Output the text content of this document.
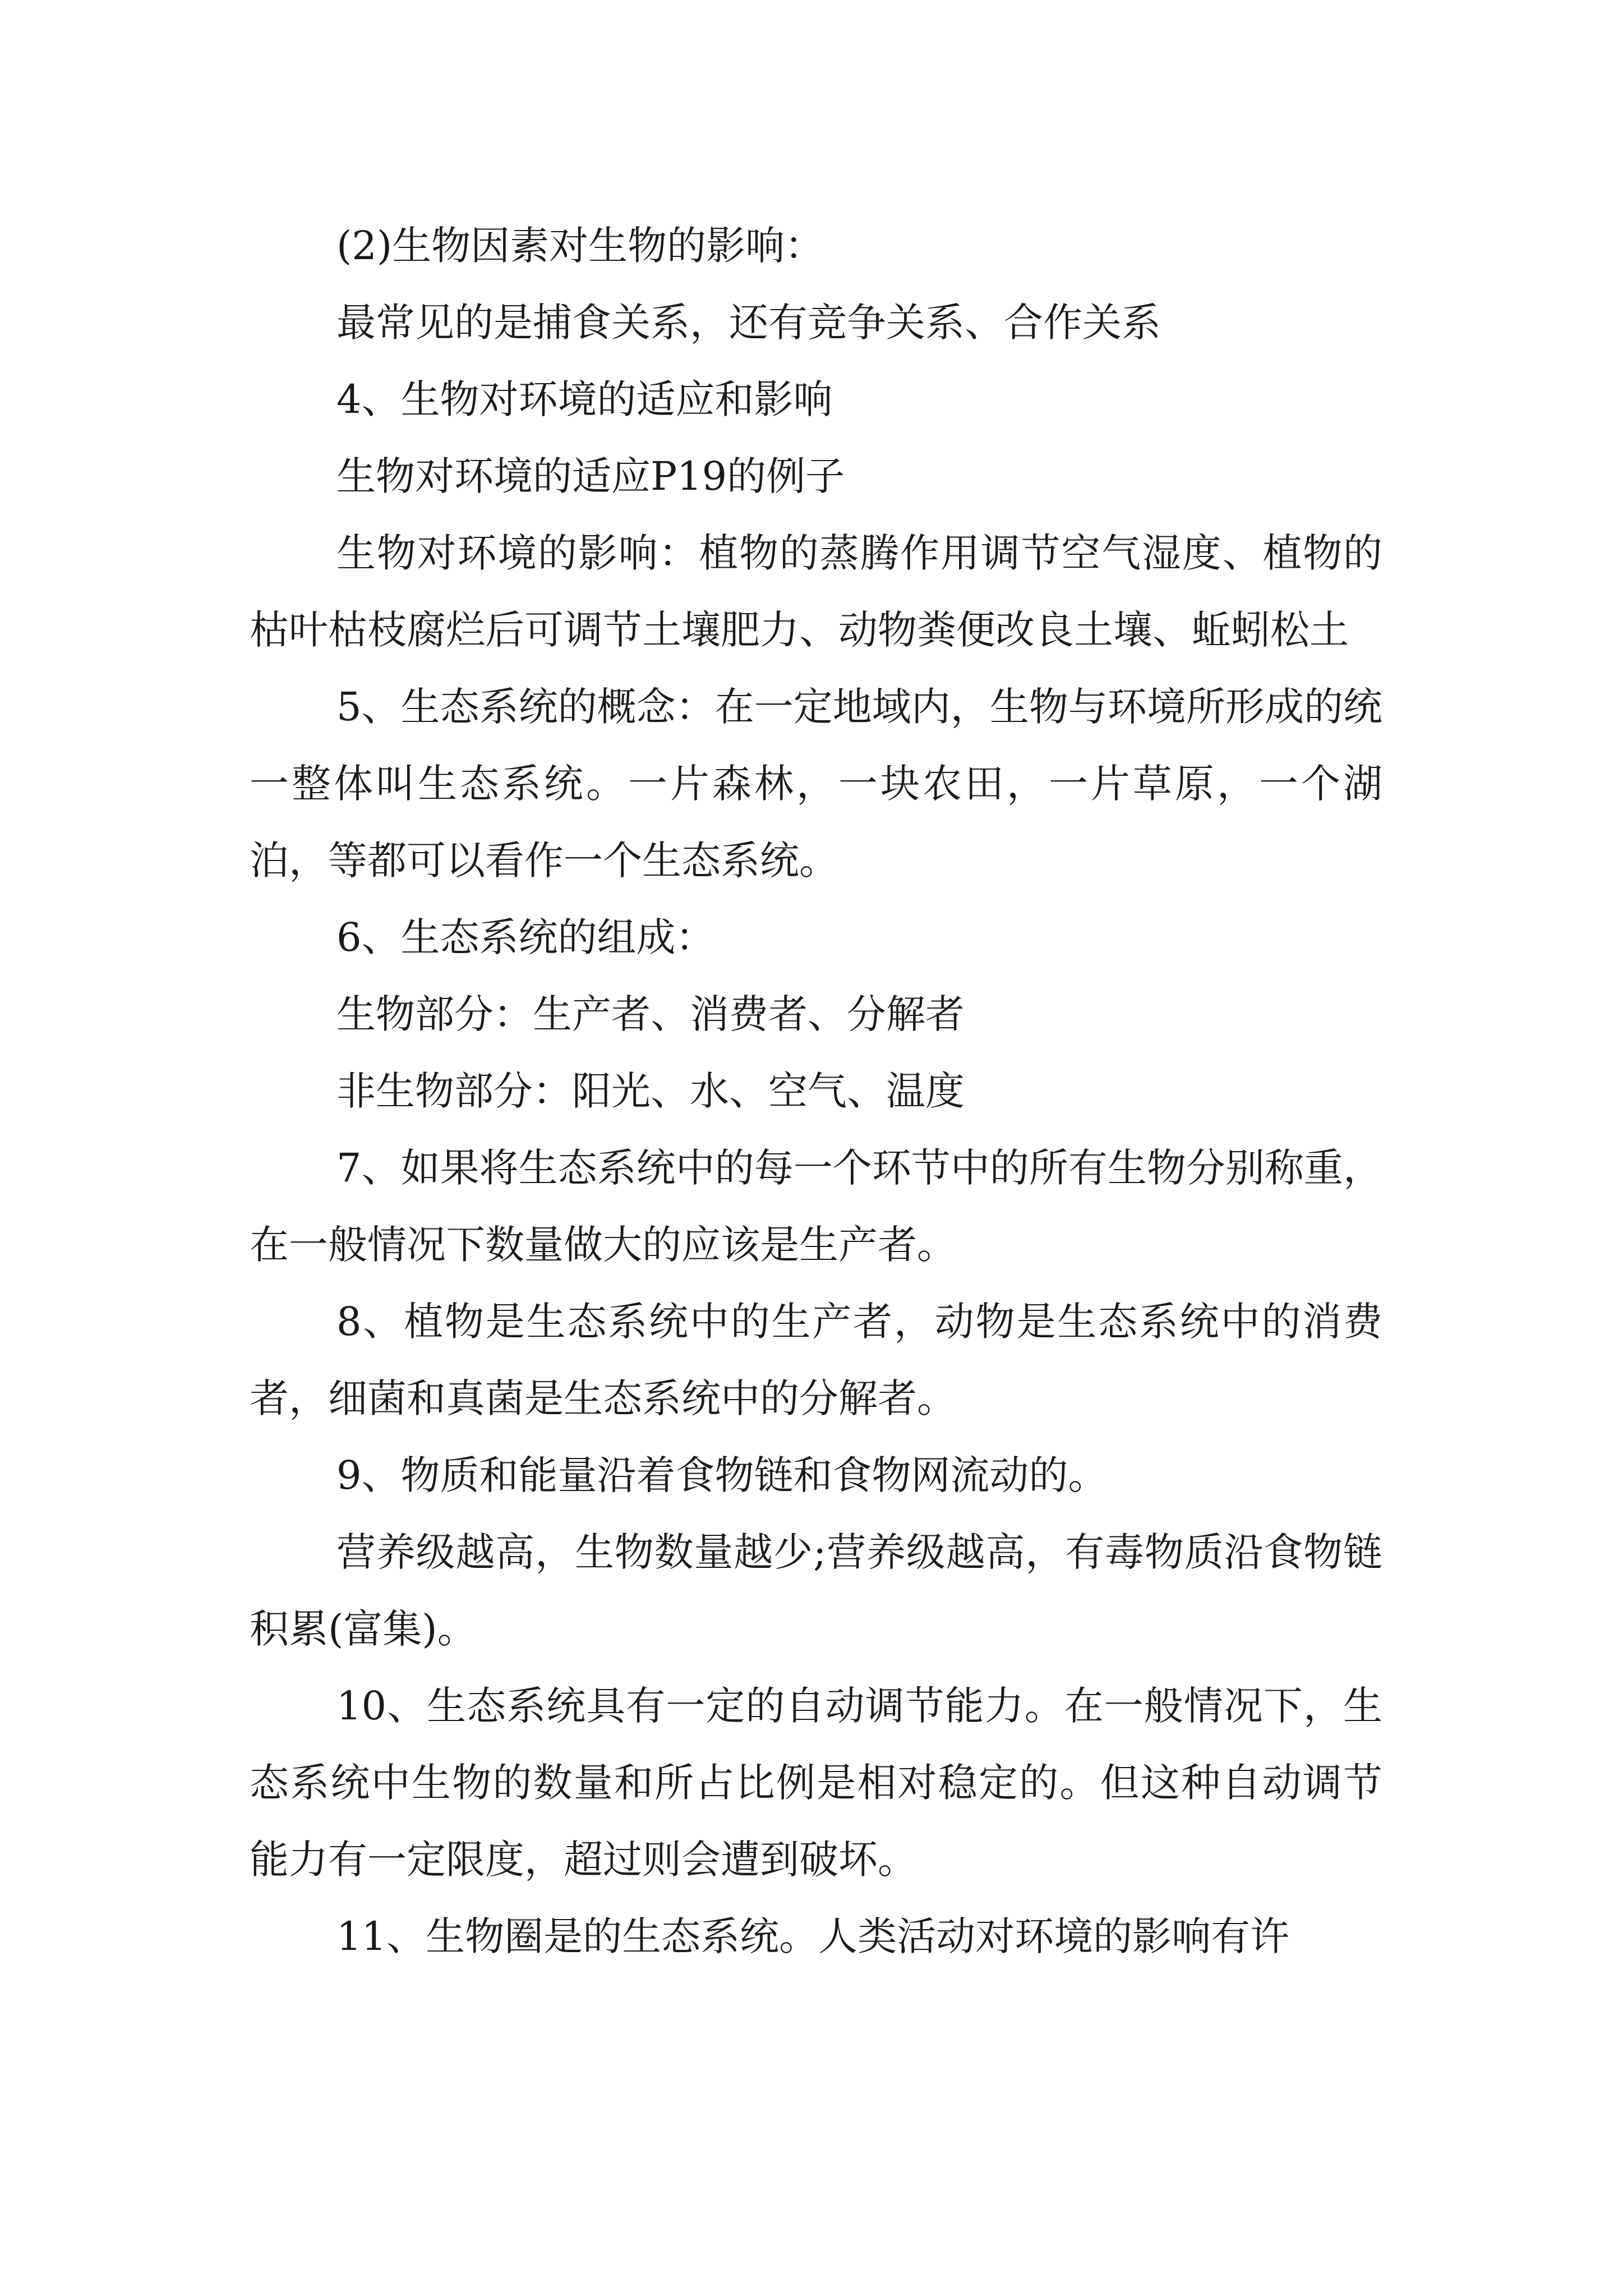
(2)生物因素对生物的影响：

最常见的是捕食关系，还有竞争关系、合作关系

4、生物对环境的适应和影响

生物对环境的适应P19的例子

生物对环境的影响：植物的蒸腾作用调节空气湿度、植物的枯叶枯枝腐烂后可调节土壤肥力、动物粪便改良土壤、蚯蚓松土

5、生态系统的概念：在一定地域内，生物与环境所形成的统一整体叫生态系统。一片森林，一块农田，一片草原，一个湖泊，等都可以看作一个生态系统。

6、生态系统的组成：

生物部分：生产者、消费者、分解者

非生物部分：阳光、水、空气、温度

7、如果将生态系统中的每一个环节中的所有生物分别称重，在一般情况下数量做大的应该是生产者。

8、植物是生态系统中的生产者，动物是生态系统中的消费者，细菌和真菌是生态系统中的分解者。

9、物质和能量沿着食物链和食物网流动的。

营养级越高，生物数量越少;营养级越高，有毒物质沿食物链积累(富集)。

10、生态系统具有一定的自动调节能力。在一般情况下，生态系统中生物的数量和所占比例是相对稳定的。但这种自动调节能力有一定限度，超过则会遭到破坏。

11、生物圈是的生态系统。人类活动对环境的影响有许
